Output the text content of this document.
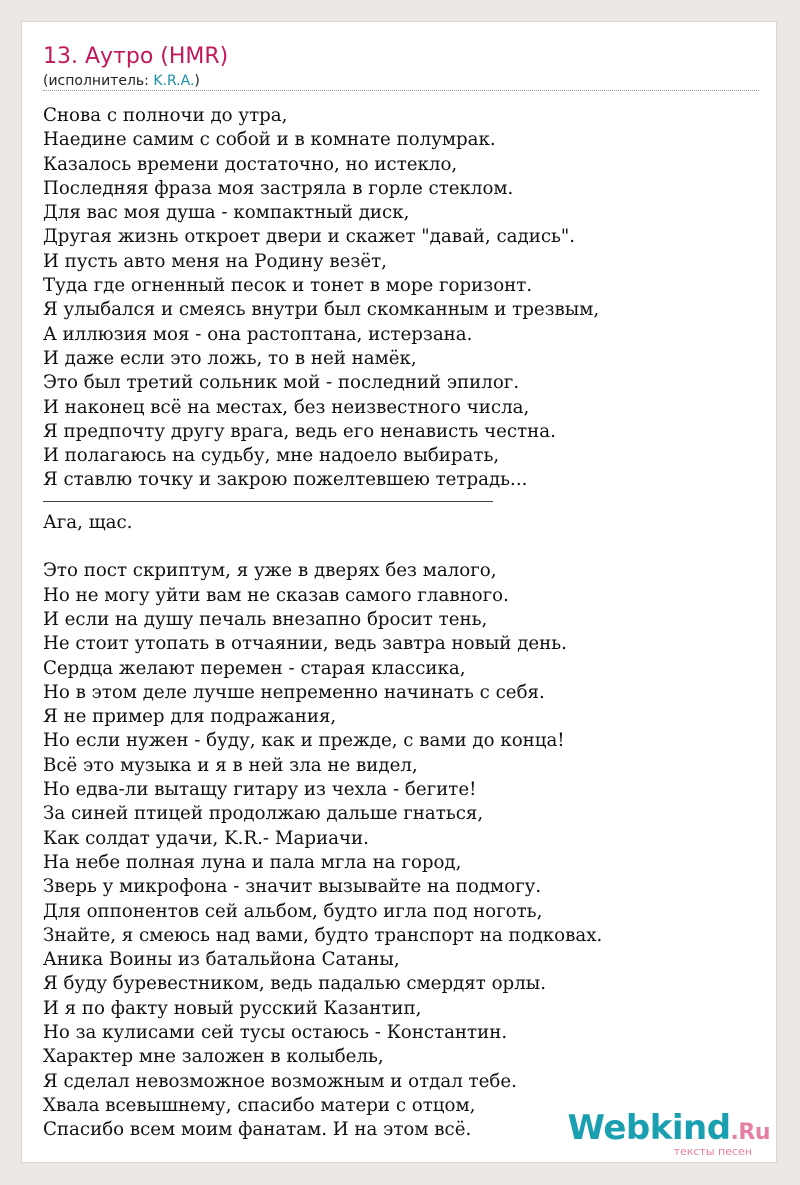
13. Аутро (HMR)
(исполнитель: K.R.A.)
Снова с полночи до утра,
Наедине самим с собой и в комнате полумрак.
Казалось времени достаточно, но истекло,
Последняя фраза моя застряла в горле стеклом.
Для вас моя душа - компактный диск,
Другая жизнь откроет двери и скажет "давай, садись".
И пусть авто меня на Родину везёт,
Туда где огненный песок и тонет в море горизонт.
Я улыбался и смеясь внутри был скомканным и трезвым,
А иллюзия моя - она растоптана, истерзана.
И даже если это ложь, то в ней намёк,
Это был третий сольник мой - последний эпилог.
И наконец всё на местах, без неизвестного числа,
Я предпочту другу врага, ведь его ненависть честна.
И полагаюсь на судьбу, мне надоело выбирать,
Я ставлю точку и закрою пожелтевшею тетрадь...
Ага, щас.
Это пост скриптум, я уже в дверях без малого,
Но не могу уйти вам не сказав самого главного.
И если на душу печаль внезапно бросит тень,
Не стоит утопать в отчаянии, ведь завтра новый день.
Сердца желают перемен - старая классика,
Но в этом деле лучше непременно начинать с себя.
Я не пример для подражания,
Но если нужен - буду, как и прежде, с вами до конца!
Всё это музыка и я в ней зла не видел,
Но едва-ли вытащу гитару из чехла - бегите!
За синей птицей продолжаю дальше гнаться,
Как солдат удачи, K.R.- Мариачи.
На небе полная луна и пала мгла на город,
Зверь у микрофона - значит вызывайте на подмогу.
Для оппонентов сей альбом, будто игла под ноготь,
Знайте, я смеюсь над вами, будто транспорт на подковах.
Аника Воины из батальйона Сатаны,
Я буду буревестником, ведь падалью смердят орлы.
И я по факту новый русский Казантип,
Но за кулисами сей тусы остаюсь - Константин.
Характер мне заложен в колыбель,
Я сделал невозможное возможным и отдал тебе.
Хвала всевышнему, спасибо матери с отцом,
Спасибо всем моим фанатам. И на этом всё.	Webkind.Ru
тексты песен
